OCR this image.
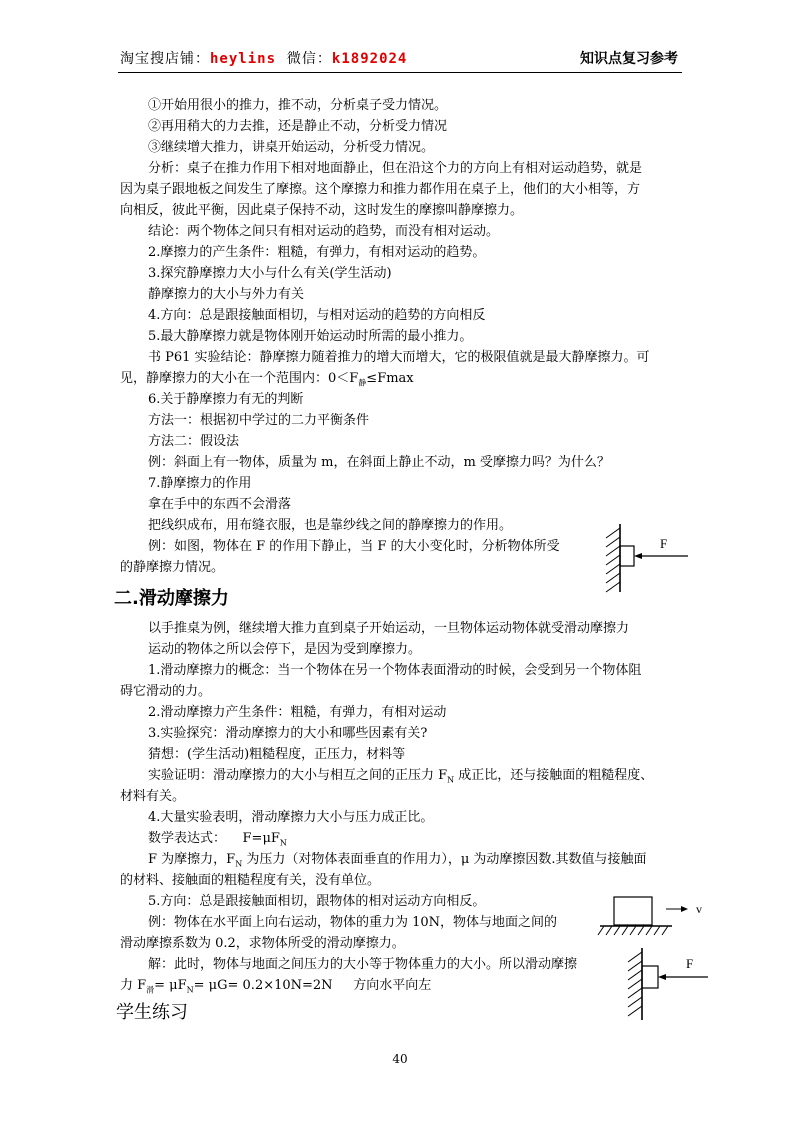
淘宝搜店铺：heylins  微信：k1892024	知识点复习参考

①开始用很小的推力，推不动，分析桌子受力情况。

②再用稍大的力去推，还是静止不动，分析受力情况

③继续增大推力，讲桌开始运动，分析受力情况。

分析：桌子在推力作用下相对地面静止，但在沿这个力的方向上有相对运动趋势，就是

因为桌子跟地板之间发生了摩擦。这个摩擦力和推力都作用在桌子上，他们的大小相等，方

向相反，彼此平衡，因此桌子保持不动，这时发生的摩擦叫静摩擦力。

结论：两个物体之间只有相对运动的趋势，而没有相对运动。

2.摩擦力的产生条件：粗糙，有弹力，有相对运动的趋势。

3.探究静摩擦力大小与什么有关(学生活动)

静摩擦力的大小与外力有关

4.方向：总是跟接触面相切，与相对运动的趋势的方向相反

5.最大静摩擦力就是物体刚开始运动时所需的最小推力。

书 P61 实验结论：静摩擦力随着推力的增大而增大，它的极限值就是最大静摩擦力。可

见，静摩擦力的大小在一个范围内：$0<F_静\le Fmax$

6.关于静摩擦力有无的判断

方法一：根据初中学过的二力平衡条件

方法二：假设法

例：斜面上有一物体，质量为 m，在斜面上静止不动，m 受摩擦力吗？为什么？

7.静摩擦力的作用

拿在手中的东西不会滑落

把线织成布，用布缝衣服，也是靠纱线之间的静摩擦力的作用。

例：如图，物体在 F 的作用下静止，当 F 的大小变化时，分析物体所受

的静摩擦力情况。

二.滑动摩擦力

以手推桌为例，继续增大推力直到桌子开始运动，一旦物体运动物体就受滑动摩擦力

运动的物体之所以会停下，是因为受到摩擦力。

1.滑动摩擦力的概念：当一个物体在另一个物体表面滑动的时候，会受到另一个物体阻

碍它滑动的力。

2.滑动摩擦力产生条件：粗糙，有弹力，有相对运动

3.实验探究：滑动摩擦力的大小和哪些因素有关?

猜想：(学生活动)粗糙程度，正压力，材料等

实验证明：滑动摩擦力的大小与相互之间的正压力 $F_N$ 成正比，还与接触面的粗糙程度、

材料有关。

4.大量实验表明，滑动摩擦力大小与压力成正比。

数学表达式：    $F=\mu F_N$

F 为摩擦力，$F_N$ 为压力（对物体表面垂直的作用力），μ 为动摩擦因数.其数值与接触面

的材料、接触面的粗糙程度有关，没有单位。

5.方向：总是跟接触面相切，跟物体的相对运动方向相反。

例：物体在水平面上向右运动，物体的重力为 10N，物体与地面之间的

滑动摩擦系数为 0.2，求物体所受的滑动摩擦力。

解：此时，物体与地面之间压力的大小等于物体重力的大小。所以滑动摩擦

力 $F_滑= \mu F_N= \mu G= 0.2\times 10N=2N$     方向水平向左

学生练习
F
v
F
40
